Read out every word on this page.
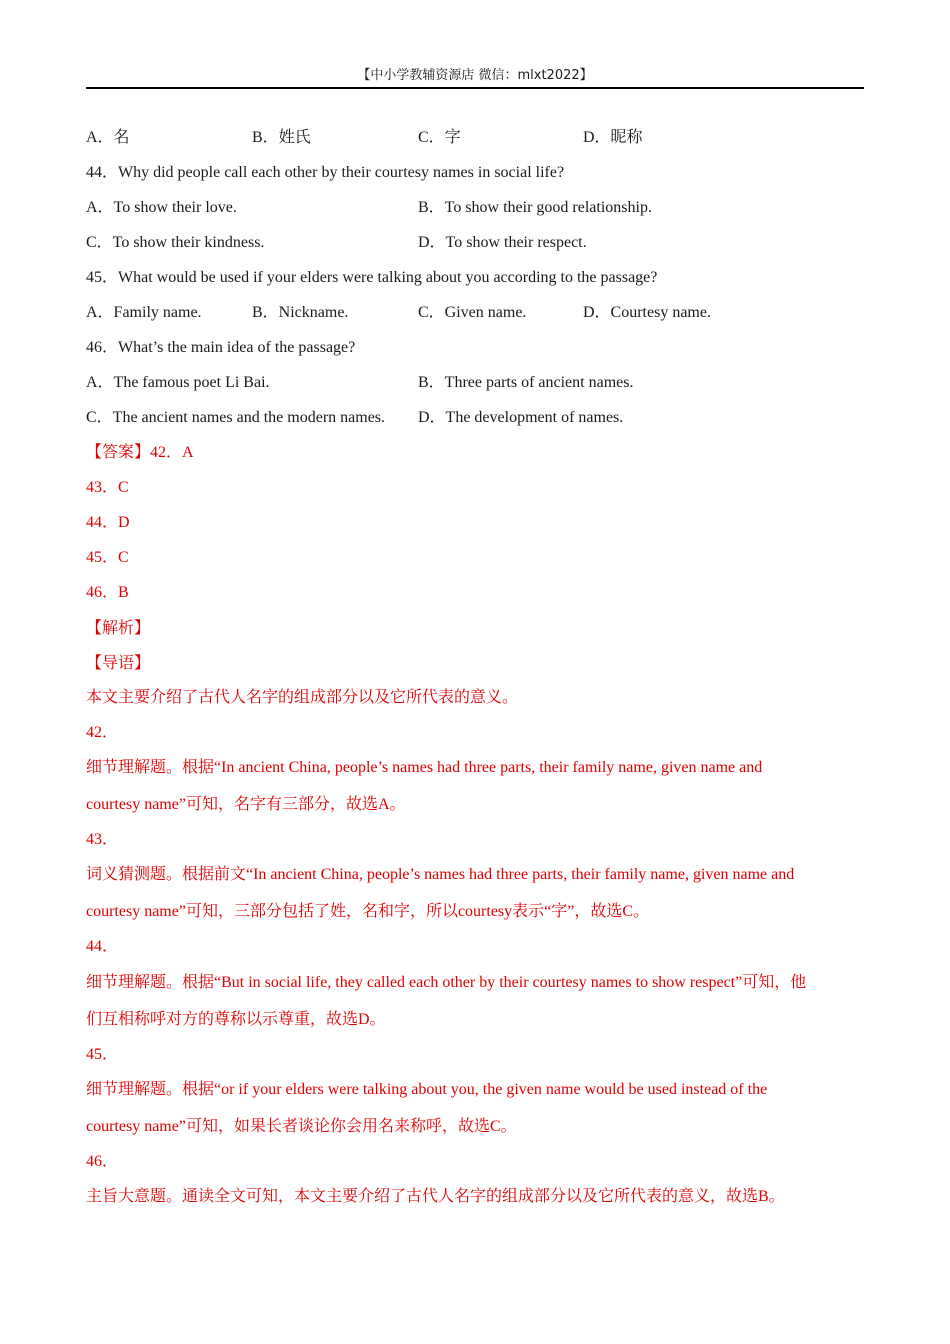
【中小学教辅资源店 微信：mlxt2022】
A．名	B．姓氏	C．字	D．昵称
44．Why did people call each other by their courtesy names in social life?
A．To show their love.	B．To show their good relationship.
C．To show their kindness.	D．To show their respect.
45．What would be used if your elders were talking about you according to the passage?
A．Family name.	B．Nickname.	C．Given name.	D．Courtesy name.
46．What’s the main idea of the passage?
A．The famous poet Li Bai.	B．Three parts of ancient names.
C．The ancient names and the modern names. D．The development of names.
【答案】42．A
43．C
44．D
45．C
46．B
【解析】
【导语】
本文主要介绍了古代人名字的组成部分以及它所代表的意义。
42．
细节理解题。根据“In ancient China, people’s names had three parts, their family name, given name and
courtesy name”可知，名字有三部分，故选A。
43．
词义猜测题。根据前文“In ancient China, people’s names had three parts, their family name, given name and
courtesy name”可知，三部分包括了姓，名和字，所以courtesy表示“字”，故选C。
44．
细节理解题。根据“But in social life, they called each other by their courtesy names to show respect”可知，他
们互相称呼对方的尊称以示尊重，故选D。
45．
细节理解题。根据“or if your elders were talking about you, the given name would be used instead of the
courtesy name”可知，如果长者谈论你会用名来称呼，故选C。
46．
主旨大意题。通读全文可知，本文主要介绍了古代人名字的组成部分以及它所代表的意义，故选B。
